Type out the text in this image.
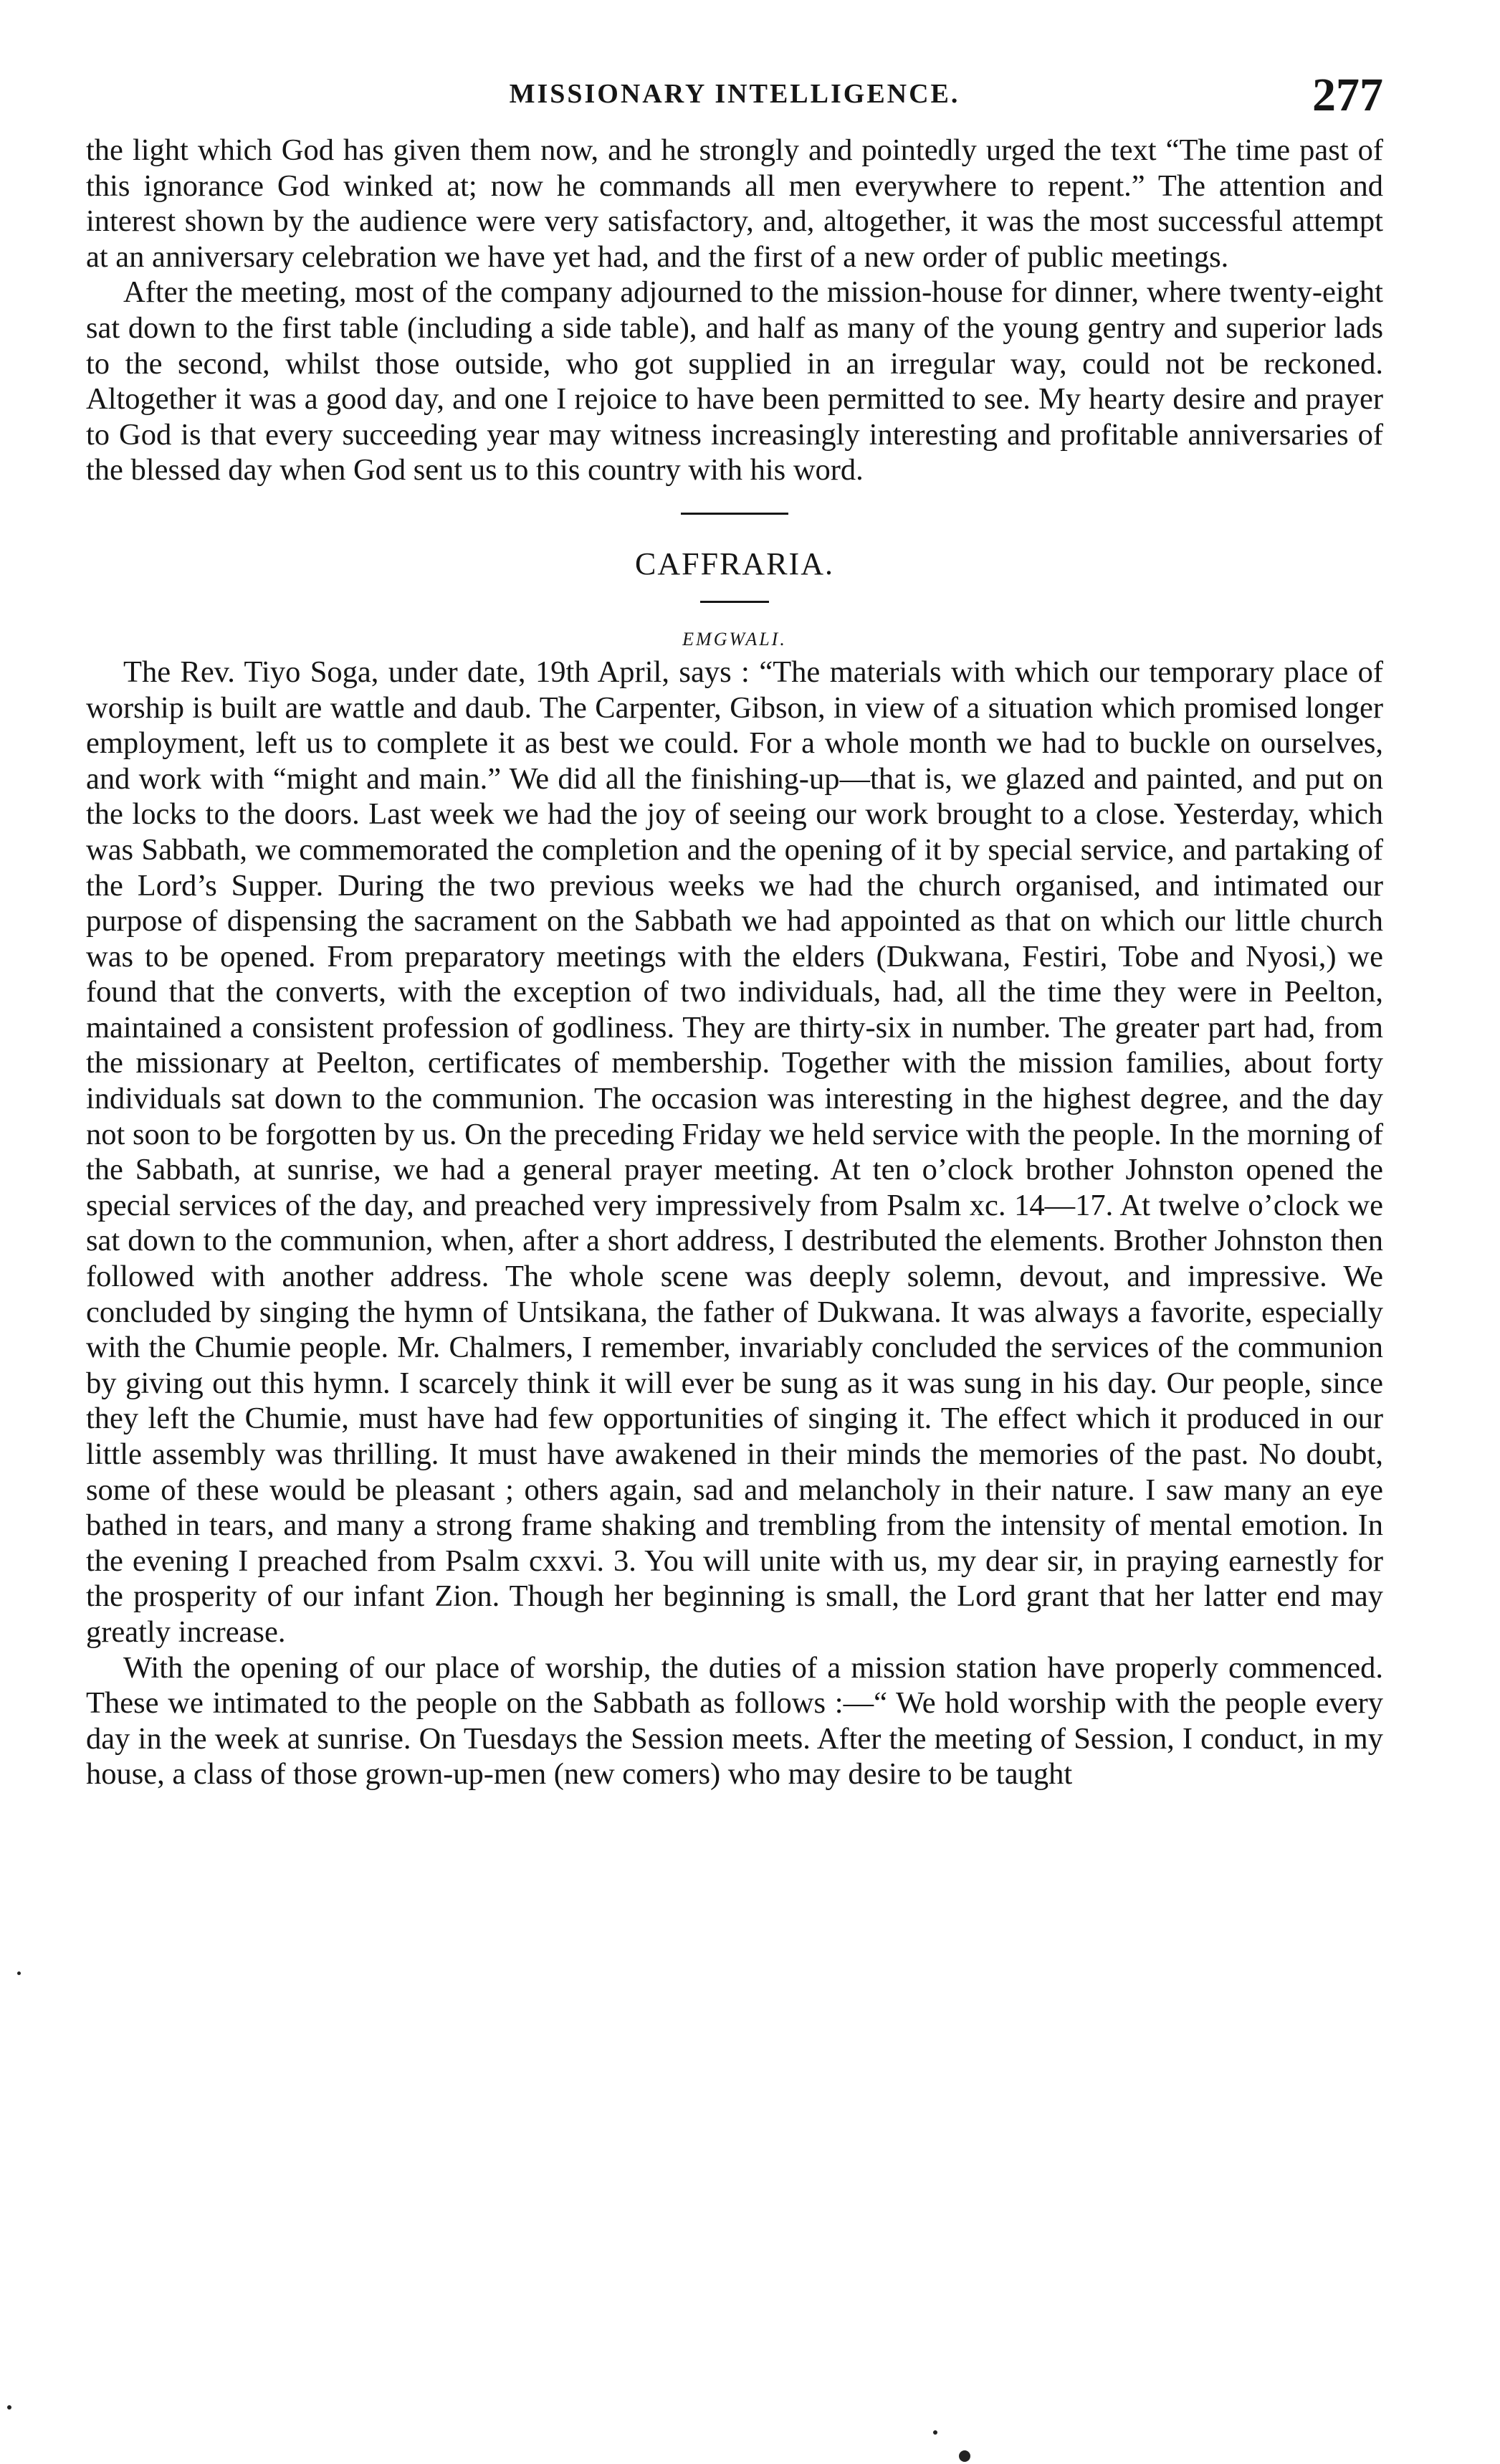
MISSIONARY INTELLIGENCE.	277

the light which God has given them now, and he strongly and pointedly urged the text “The time past of this ignorance God winked at; now he commands all men everywhere to repent.” The attention and interest shown by the audience were very satisfactory, and, altogether, it was the most successful attempt at an anniversary celebration we have yet had, and the first of a new order of public meetings.

After the meeting, most of the company adjourned to the mission-house for dinner, where twenty-eight sat down to the first table (including a side table), and half as many of the young gentry and superior lads to the second, whilst those outside, who got supplied in an irregular way, could not be reckoned. Altogether it was a good day, and one I rejoice to have been permitted to see. My hearty desire and prayer to God is that every succeeding year may witness increasingly interesting and profitable anniversaries of the blessed day when God sent us to this country with his word.

CAFFRARIA.
EMGWALI.

The Rev. Tiyo Soga, under date, 19th April, says : “The materials with which our temporary place of worship is built are wattle and daub. The Carpenter, Gibson, in view of a situation which promised longer employment, left us to complete it as best we could. For a whole month we had to buckle on ourselves, and work with “might and main.” We did all the finishing-up—that is, we glazed and painted, and put on the locks to the doors. Last week we had the joy of seeing our work brought to a close. Yesterday, which was Sabbath, we commemorated the completion and the opening of it by special service, and partaking of the Lord’s Supper. During the two previous weeks we had the church organised, and intimated our purpose of dispensing the sacrament on the Sabbath we had appointed as that on which our little church was to be opened. From preparatory meetings with the elders (Dukwana, Festiri, Tobe and Nyosi,) we found that the converts, with the exception of two individuals, had, all the time they were in Peelton, maintained a consistent profession of godliness. They are thirty-six in number. The greater part had, from the missionary at Peelton, certificates of membership. Together with the mission families, about forty individuals sat down to the communion. The occasion was interesting in the highest degree, and the day not soon to be forgotten by us. On the preceding Friday we held service with the people. In the morning of the Sabbath, at sunrise, we had a general prayer meeting. At ten o’clock brother Johnston opened the special services of the day, and preached very impressively from Psalm xc. 14—17. At twelve o’clock we sat down to the communion, when, after a short address, I destributed the elements. Brother Johnston then followed with another address. The whole scene was deeply solemn, devout, and impressive. We concluded by singing the hymn of Untsikana, the father of Dukwana. It was always a favorite, especially with the Chumie people. Mr. Chalmers, I remember, invariably concluded the services of the communion by giving out this hymn. I scarcely think it will ever be sung as it was sung in his day. Our people, since they left the Chumie, must have had few opportunities of singing it. The effect which it produced in our little assembly was thrilling. It must have awakened in their minds the memories of the past. No doubt, some of these would be pleasant ; others again, sad and melancholy in their nature. I saw many an eye bathed in tears, and many a strong frame shaking and trembling from the intensity of mental emotion. In the evening I preached from Psalm cxxvi. 3. You will unite with us, my dear sir, in praying earnestly for the prosperity of our infant Zion. Though her beginning is small, the Lord grant that her latter end may greatly increase.

With the opening of our place of worship, the duties of a mission station have properly commenced. These we intimated to the people on the Sabbath as follows :—“ We hold worship with the people every day in the week at sunrise. On Tuesdays the Session meets. After the meeting of Session, I conduct, in my house, a class of those grown-up-men (new comers) who may desire to be taught
